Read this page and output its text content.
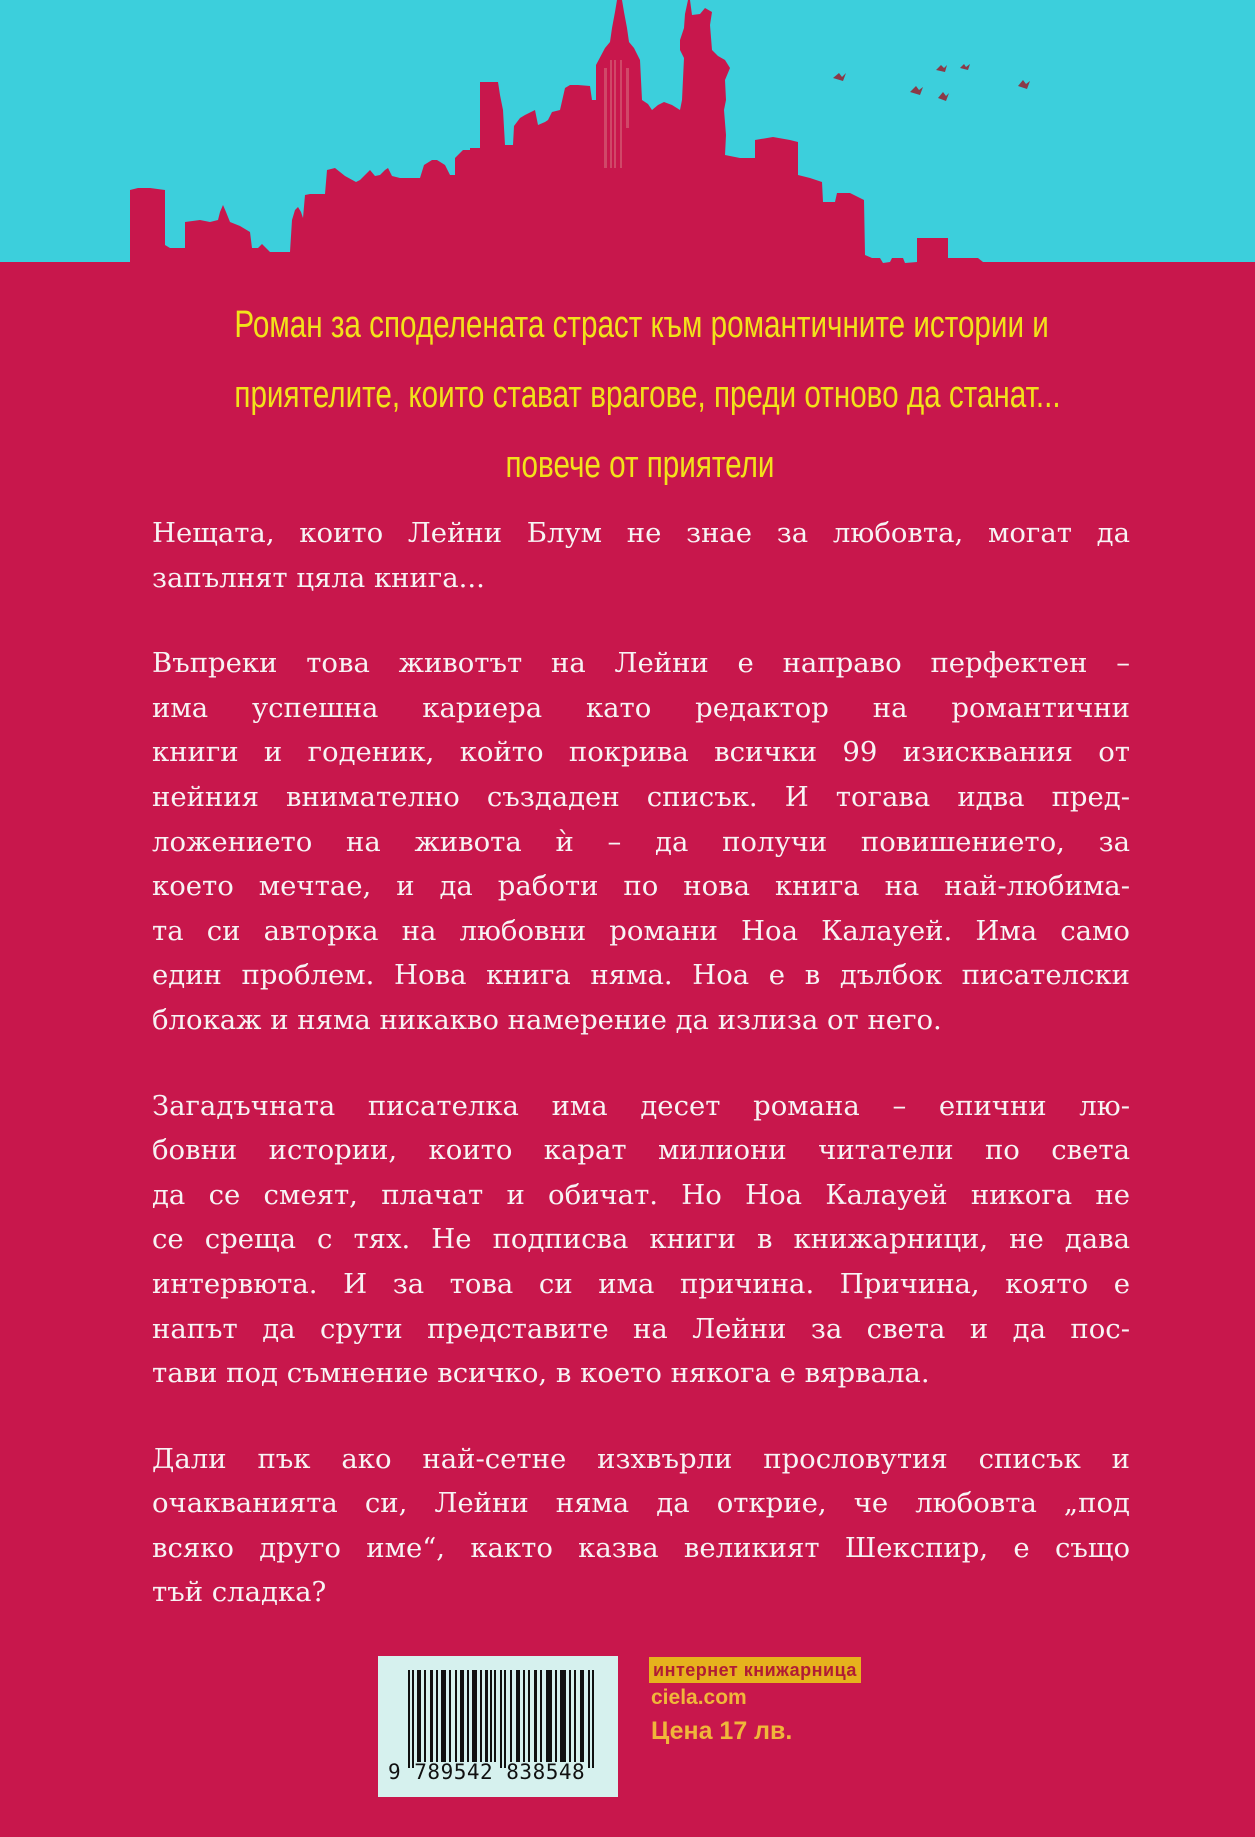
Роман за споделената страст към романтичните истории и
приятелите, които стават врагове, преди отново да станат...
повече от приятели

Нещата, които Лейни Блум не знае за любовта, могат да
запълнят цяла книга...

Въпреки това животът на Лейни е направо перфектен –
има успешна кариера като редактор на романтични
книги и годеник, който покрива всички 99 изисквания от
нейния внимателно създаден списък. И тогава идва пред-
ложението на живота ѝ – да получи повишението, за
което мечтае, и да работи по нова книга на най-любима-
та си авторка на любовни романи Ноа Калауей. Има само
един проблем. Нова книга няма. Ноа е в дълбок писателски
блокаж и няма никакво намерение да излиза от него.

Загадъчната писателка има десет романа – епични лю-
бовни истории, които карат милиони читатели по света
да се смеят, плачат и обичат. Но Ноа Калауей никога не
се среща с тях. Не подписва книги в книжарници, не дава
интервюта. И за това си има причина. Причина, която е
напът да срути представите на Лейни за света и да пос-
тави под съмнение всичко, в което някога е вярвала.

Дали пък ако най-сетне изхвърли прословутия списък и
очакванията си, Лейни няма да открие, че любовта „под
всяко друго име“, както казва великият Шекспир, е също
тъй сладка?

9 789542 838548
интернет книжарница
ciela.com
Цена 17 лв.
